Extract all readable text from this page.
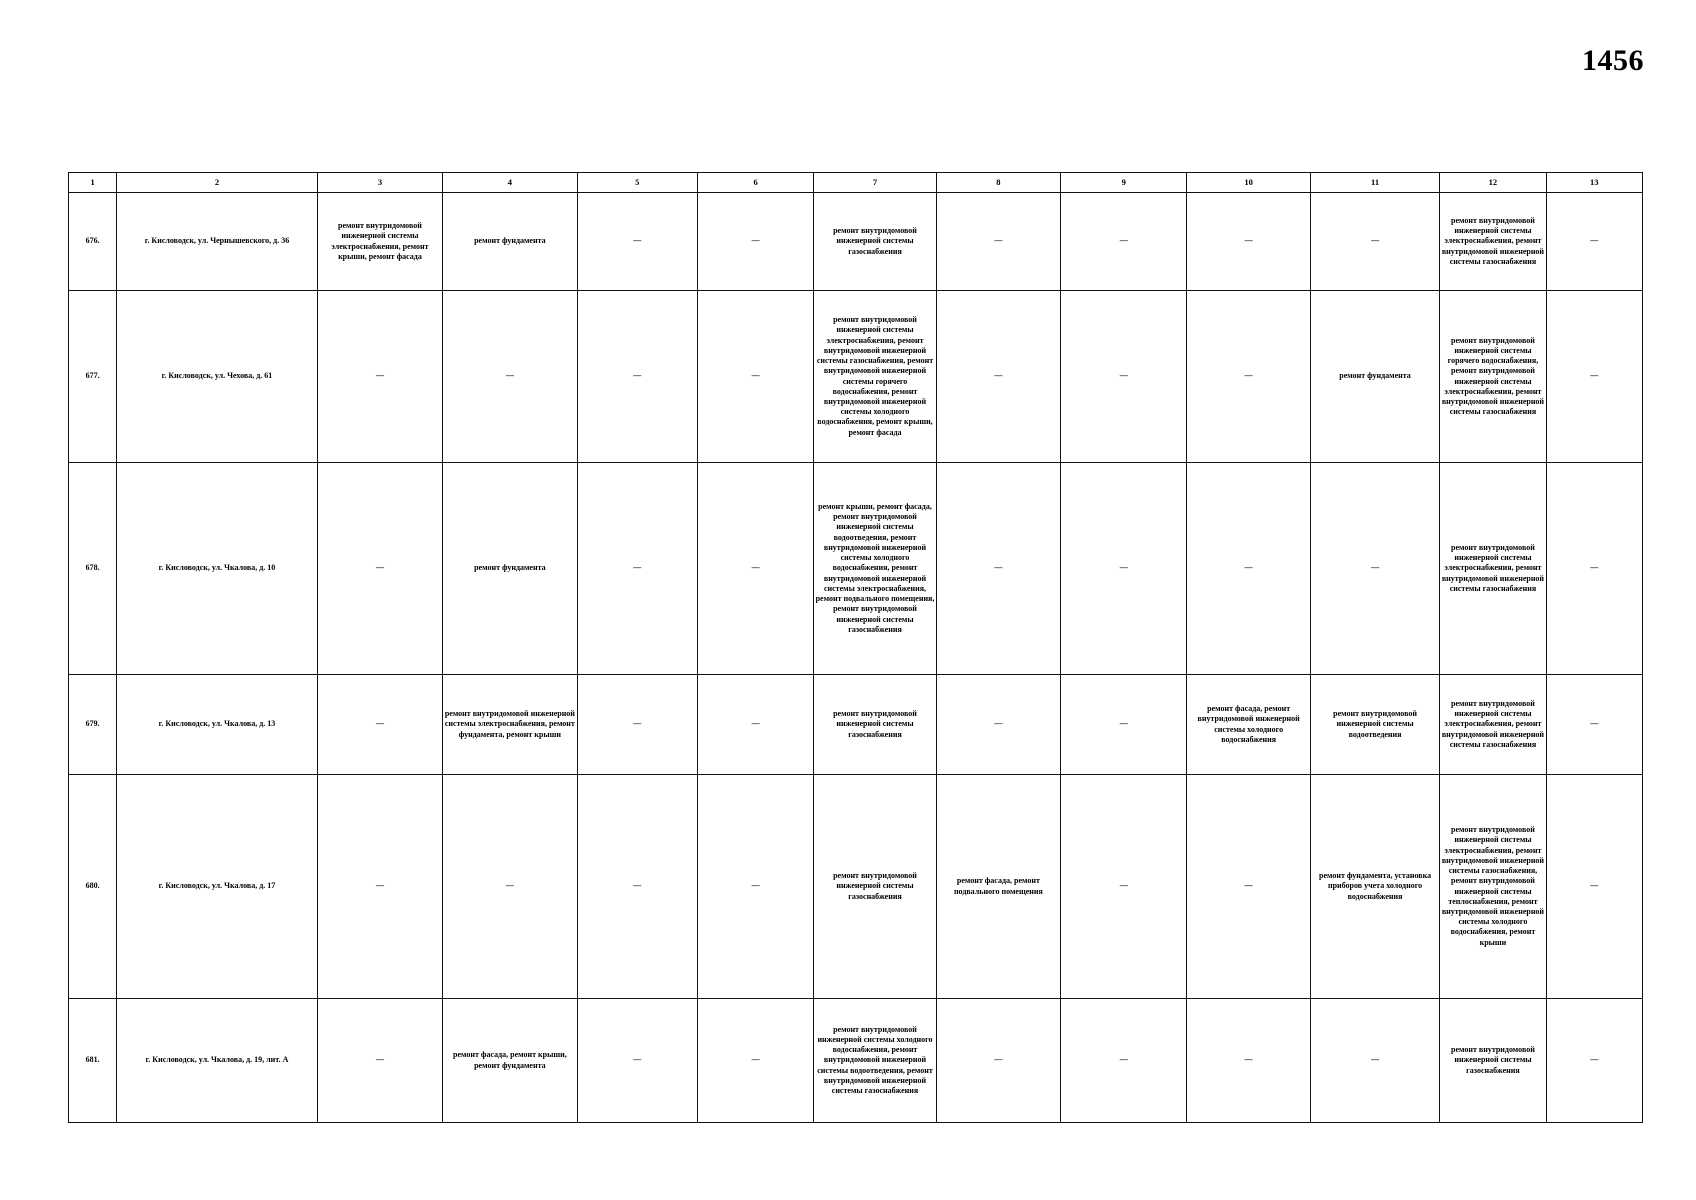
1456
1	2	3	4	5	6	7	8	9	10	11	12	13
676.	г. Кисловодск, ул. Чернышевского, д. 36	ремонт внутридомовой инженерной системы электроснабжения, ремонт крыши, ремонт фасада	ремонт фундамента	—	—	ремонт внутридомовой инженерной системы газоснабжения	—	—	—	—	ремонт внутридомовой инженерной системы электроснабжения, ремонт внутридомовой инженерной системы газоснабжения	—
677.	г. Кисловодск, ул. Чехова, д. 61	—	—	—	—	ремонт внутридомовой инженерной системы электроснабжения, ремонт внутридомовой инженерной системы газоснабжения, ремонт внутридомовой инженерной системы горячего водоснабжения, ремонт внутридомовой инженерной системы холодного водоснабжения, ремонт крыши, ремонт фасада	—	—	—	ремонт фундамента	ремонт внутридомовой инженерной системы горячего водоснабжения, ремонт внутридомовой инженерной системы электроснабжения, ремонт внутридомовой инженерной системы газоснабжения	—
678.	г. Кисловодск, ул. Чкалова, д. 10	—	ремонт фундамента	—	—	ремонт крыши, ремонт фасада, ремонт внутридомовой инженерной системы водоотведения, ремонт внутридомовой инженерной системы холодного водоснабжения, ремонт внутридомовой инженерной системы электроснабжения, ремонт подвального помещения, ремонт внутридомовой инженерной системы газоснабжения	—	—	—	—	ремонт внутридомовой инженерной системы электроснабжения, ремонт внутридомовой инженерной системы газоснабжения	—
679.	г. Кисловодск, ул. Чкалова, д. 13	—	ремонт внутридомовой инженерной системы электроснабжения, ремонт фундамента, ремонт крыши	—	—	ремонт внутридомовой инженерной системы газоснабжения	—	—	ремонт фасада, ремонт внутридомовой инженерной системы холодного водоснабжения	ремонт внутридомовой инженерной системы водоотведения	ремонт внутридомовой инженерной системы электроснабжения, ремонт внутридомовой инженерной системы газоснабжения	—
680.	г. Кисловодск, ул. Чкалова, д. 17	—	—	—	—	ремонт внутридомовой инженерной системы газоснабжения	ремонт фасада, ремонт подвального помещения	—	—	ремонт фундамента, установка приборов учета холодного водоснабжения	ремонт внутридомовой инженерной системы электроснабжения, ремонт внутридомовой инженерной системы газоснабжения, ремонт внутридомовой инженерной системы теплоснабжения, ремонт внутридомовой инженерной системы холодного водоснабжения, ремонт крыши	—
681.	г. Кисловодск, ул. Чкалова, д. 19, лит. А	—	ремонт фасада, ремонт крыши, ремонт фундамента	—	—	ремонт внутридомовой инженерной системы холодного водоснабжения, ремонт внутридомовой инженерной системы водоотведения, ремонт внутридомовой инженерной системы газоснабжения	—	—	—	—	ремонт внутридомовой инженерной системы газоснабжения	—
